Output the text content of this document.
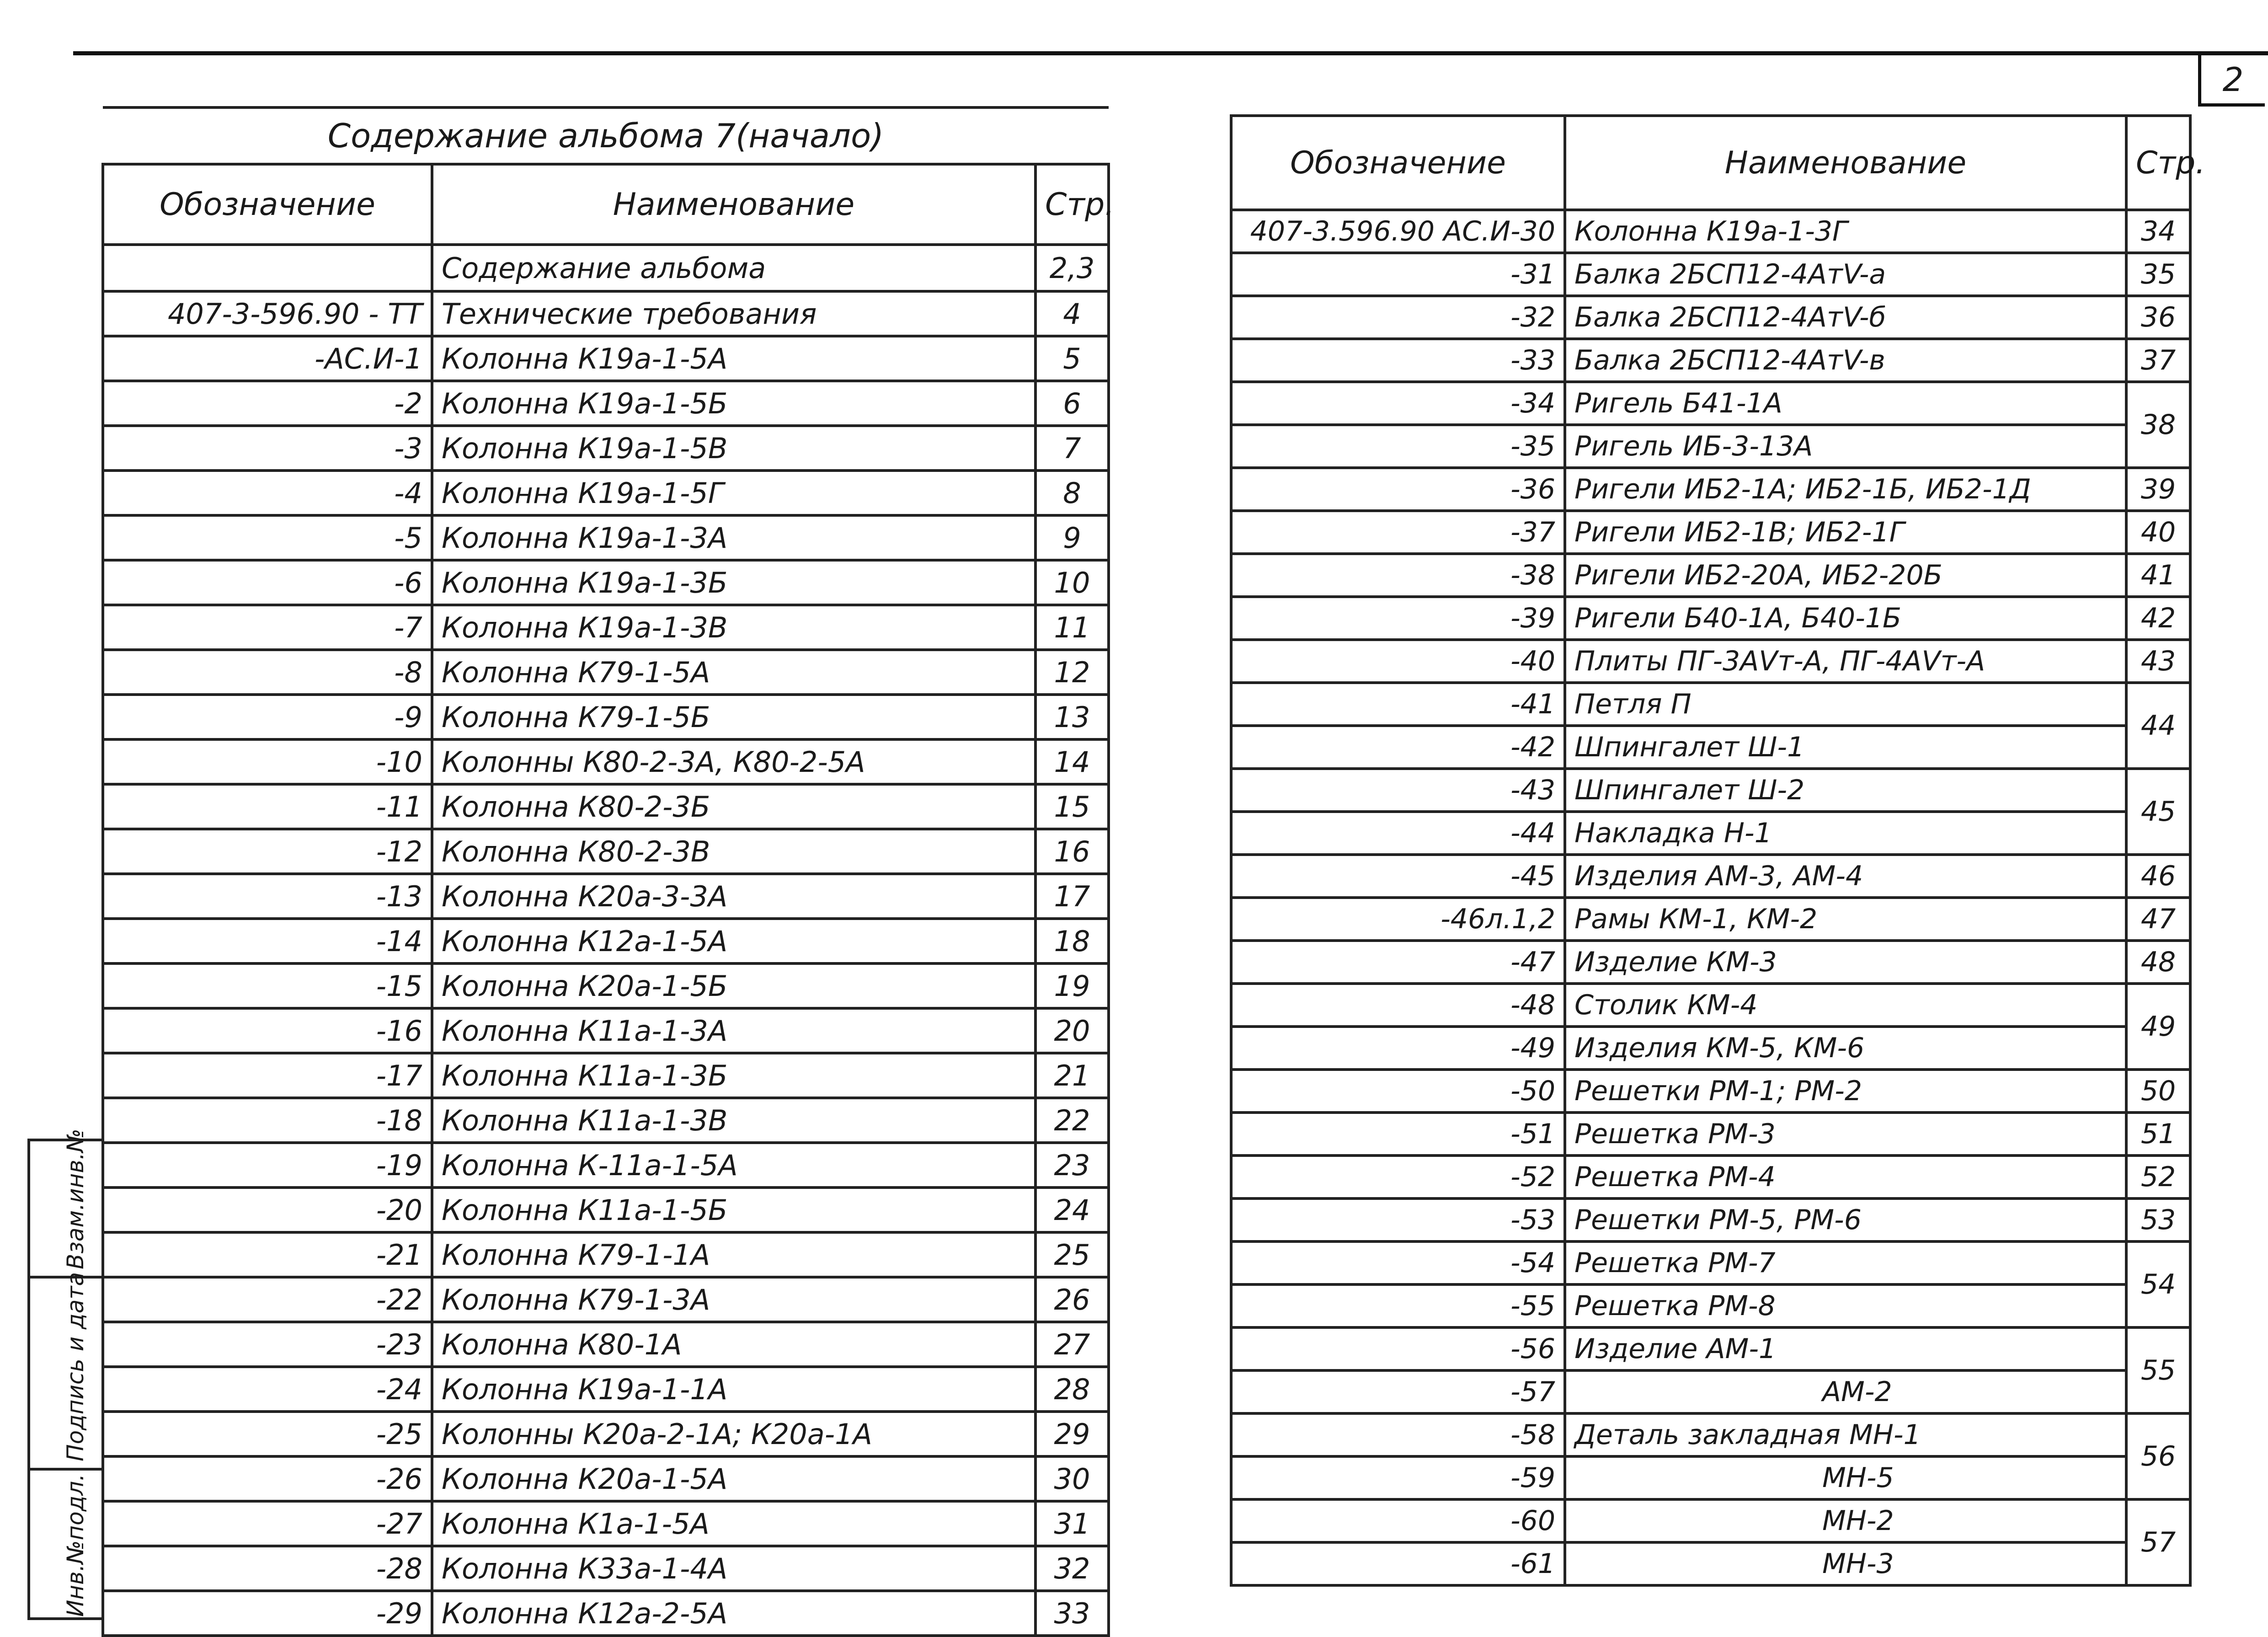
2
Содержание альбома 7(начало)		
Обозначение	Наименование	Стр.
	Содержание альбома	2,3
407-3-596.90 - ТТ	Технические требования	4
-АС.И-1	Колонна К19а-1-5А	5
-2	Колонна К19а-1-5Б	6
-3	Колонна К19а-1-5В	7
-4	Колонна К19а-1-5Г	8
-5	Колонна К19а-1-3А	9
-6	Колонна К19а-1-3Б	10
-7	Колонна К19а-1-3В	11
-8	Колонна К79-1-5А	12
-9	Колонна К79-1-5Б	13
-10	Колонны К80-2-3А, К80-2-5А	14
-11	Колонна К80-2-3Б	15
-12	Колонна К80-2-3В	16
-13	Колонна К20а-3-3А	17
-14	Колонна К12а-1-5А	18
-15	Колонна К20а-1-5Б	19
-16	Колонна К11а-1-3А	20
-17	Колонна К11а-1-3Б	21
-18	Колонна К11а-1-3В	22
-19	Колонна К-11а-1-5А	23
-20	Колонна К11а-1-5Б	24
-21	Колонна К79-1-1А	25
-22	Колонна К79-1-3А	26
-23	Колонна К80-1А	27
-24	Колонна К19а-1-1А	28
-25	Колонны К20а-2-1А; К20а-1А	29
-26	Колонна К20а-1-5А	30
-27	Колонна К1а-1-5А	31
-28	Колонна К33а-1-4А	32
-29	Колонна К12а-2-5А	33
Обозначение	Наименование	Стр.
407-3.596.90 АС.И-30	Колонна К19а-1-3Г	34
-31	Балка 2БСП12-4АтV-а	35
-32	Балка 2БСП12-4АтV-б	36
-33	Балка 2БСП12-4АтV-в	37
-34	Ригель Б41-1А	38
-35	Ригель ИБ-3-13А	
-36	Ригели ИБ2-1А; ИБ2-1Б, ИБ2-1Д	39
-37	Ригели ИБ2-1В; ИБ2-1Г	40
-38	Ригели ИБ2-20А, ИБ2-20Б	41
-39	Ригели Б40-1А, Б40-1Б	42
-40	Плиты ПГ-3АVт-А, ПГ-4АVт-А	43
-41	Петля П	44
-42	Шпингалет Ш-1	
-43	Шпингалет Ш-2	45
-44	Накладка Н-1	
-45	Изделия АМ-3, АМ-4	46
-46л.1,2	Рамы КМ-1, КМ-2	47
-47	Изделие КМ-3	48
-48	Столик КМ-4	49
-49	Изделия КМ-5, КМ-6	
-50	Решетки РМ-1; РМ-2	50
-51	Решетка РМ-3	51
-52	Решетка РМ-4	52
-53	Решетки РМ-5, РМ-6	53
-54	Решетка РМ-7	54
-55	Решетка РМ-8	
-56	Изделие АМ-1	55
-57	АМ-2	
-58	Деталь закладная МН-1	56
-59	МН-5	
-60	МН-2	57
-61	МН-3	
Взам.инв.№
Подпись и дата
Инв.№подл.
